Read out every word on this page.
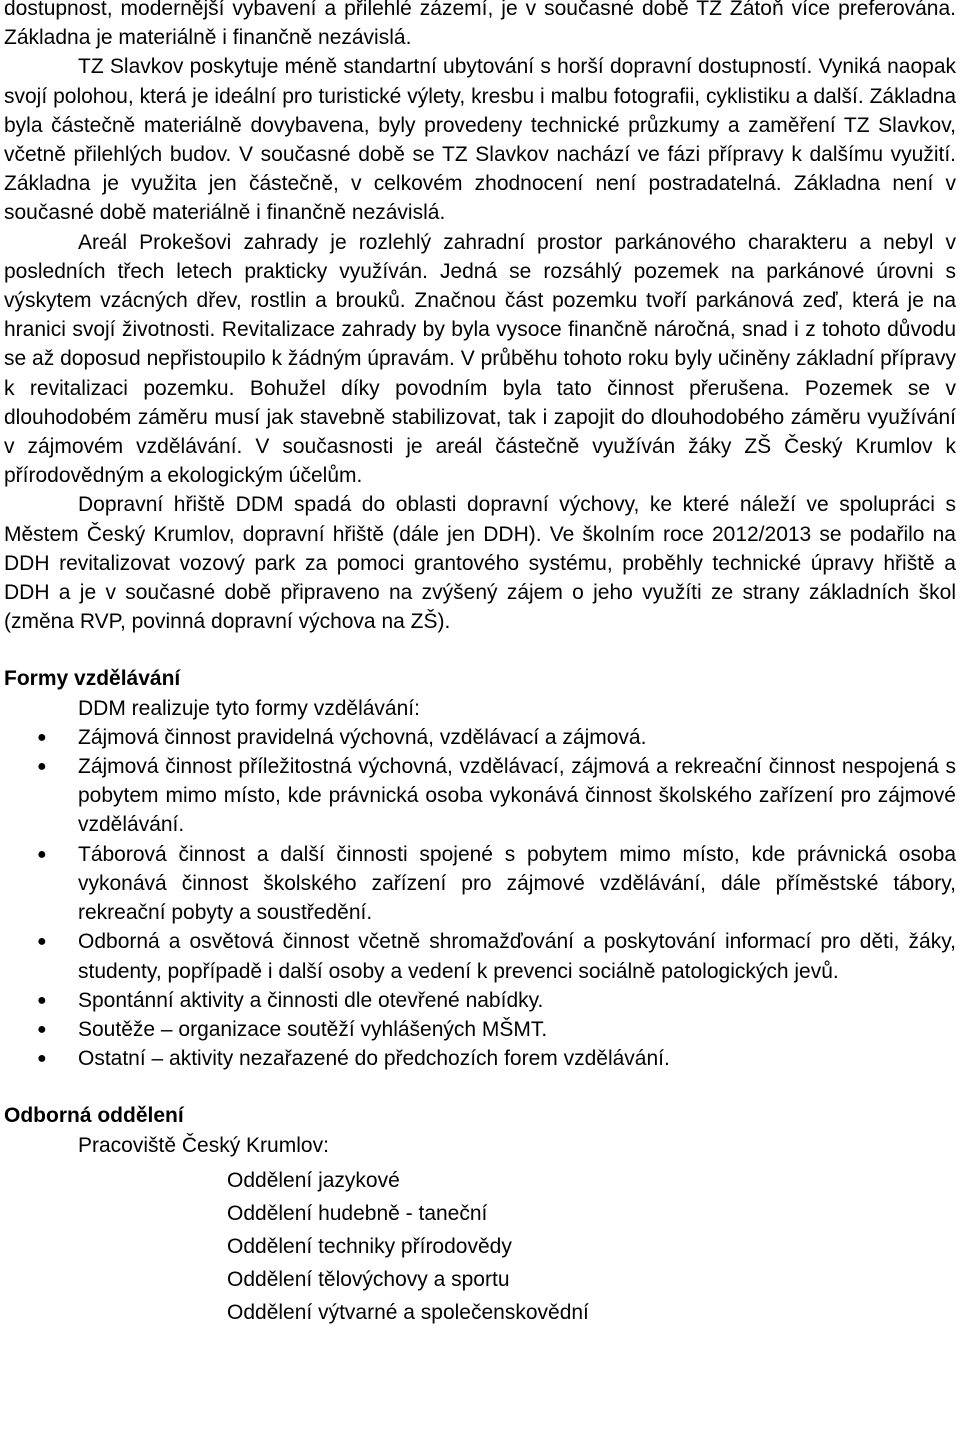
dostupnost, modernější vybavení a přilehlé zázemí, je v současné době TZ Zátoň více preferována. Základna je materiálně i finančně nezávislá.

TZ Slavkov poskytuje méně standartní ubytování s horší dopravní dostupností. Vyniká naopak svojí polohou, která je ideální pro turistické výlety, kresbu i malbu fotografii, cyklistiku a další. Základna byla částečně materiálně dovybavena, byly provedeny technické průzkumy a zaměření TZ Slavkov, včetně přilehlých budov. V současné době se TZ Slavkov nachází ve fázi přípravy k dalšímu využití. Základna je využita jen částečně, v celkovém zhodnocení není postradatelná. Základna není v současné době materiálně i finančně nezávislá.

Areál Prokešovi zahrady je rozlehlý zahradní prostor parkánového charakteru a nebyl v posledních třech letech prakticky využíván. Jedná se rozsáhlý pozemek na parkánové úrovni s výskytem vzácných dřev, rostlin a brouků. Značnou část pozemku tvoří parkánová zeď, která je na hranici svojí životnosti. Revitalizace zahrady by byla vysoce finančně náročná, snad i z tohoto důvodu se až doposud nepřistoupilo k žádným úpravám. V průběhu tohoto roku byly učiněny základní přípravy k revitalizaci pozemku. Bohužel díky povodním byla tato činnost přerušena. Pozemek se v dlouhodobém záměru musí jak stavebně stabilizovat, tak i zapojit do dlouhodobého záměru využívání v zájmovém vzdělávání. V současnosti je areál částečně využíván žáky ZŠ Český Krumlov k přírodovědným a ekologickým účelům.

Dopravní hřiště DDM spadá do oblasti dopravní výchovy, ke které náleží ve spolupráci s Městem Český Krumlov, dopravní hřiště (dále jen DDH). Ve školním roce 2012/2013 se podařilo na DDH revitalizovat vozový park za pomoci grantového systému, proběhly technické úpravy hřiště a DDH a je v současné době připraveno na zvýšený zájem o jeho využíti ze strany základních škol (změna RVP, povinná dopravní výchova na ZŠ).

Formy vzdělávání
DDM realizuje tyto formy vzdělávání:
● Zájmová činnost pravidelná výchovná, vzdělávací a zájmová.
● Zájmová činnost příležitostná výchovná, vzdělávací, zájmová a rekreační činnost nespojená s pobytem mimo místo, kde právnická osoba vykonává činnost školského zařízení pro zájmové vzdělávání.
● Táborová činnost a další činnosti spojené s pobytem mimo místo, kde právnická osoba vykonává činnost školského zařízení pro zájmové vzdělávání, dále příměstské tábory, rekreační pobyty a soustředění.
● Odborná a osvětová činnost včetně shromažďování a poskytování informací pro děti, žáky, studenty, popřípadě i další osoby a vedení k prevenci sociálně patologických jevů.
● Spontánní aktivity a činnosti dle otevřené nabídky.
● Soutěže – organizace soutěží vyhlášených MŠMT.
● Ostatní – aktivity nezařazené do předchozích forem vzdělávání.
Odborná oddělení
Pracoviště Český Krumlov:
Oddělení jazykové
Oddělení hudebně - taneční
Oddělení techniky přírodovědy
Oddělení tělovýchovy a sportu
Oddělení výtvarné a společenskovědní
